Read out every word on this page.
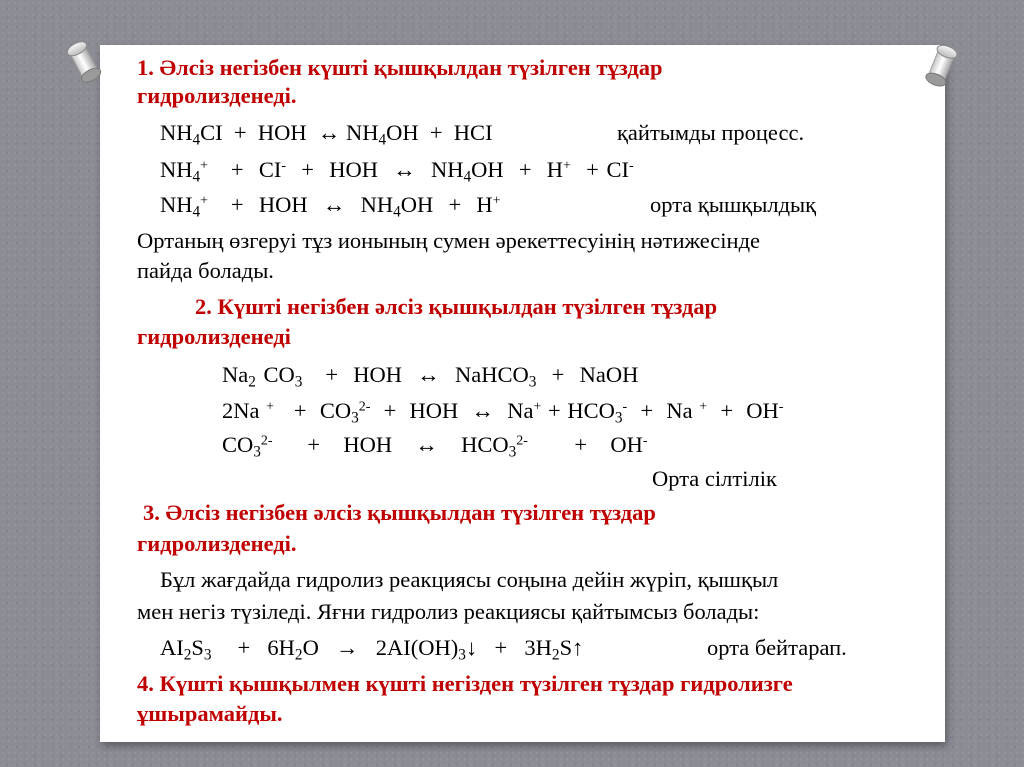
1. Әлсіз негізбен күшті қышқылдан түзілген тұздар
гидролизденеді.
$NH_4CI$  +  HOH  ↔ $NH_4OH$  +  HCI	қайтымды процесс.
$NH_4^+ + CI^-$ +  HOH  ↔  $NH_4OH + H^+ + CI^-$
$NH_4^+$ +  HOH  ↔  $NH_4OH + H^+$	орта қышқылдық
Ортаның өзгеруі тұз ионының сумен әрекеттесуінің нәтижесінде
пайда болады.
2. Күшті негізбен әлсіз қышқылдан түзілген тұздар
гидролизденеді
$Na_2$ $CO_3$ +  HOH  ↔  NaHCO$_3$ +  NaOH
2Na $^+ + CO_3^{2-}$ +  HOH  ↔  $Na^+ + HCO_3^- + Na$ + +  OH-
$CO_3^{2-}$ +  HOH  ↔  $HCO_3^{2-} + OH^-$
Орта сілтілік
3. Әлсіз негізбен әлсіз қышқылдан түзілген тұздар
гидролизденеді.
Бұл жағдайда гидролиз реакциясы соңына дейін жүріп, қышқыл
мен негіз түзіледі. Яғни гидролиз реакциясы қайтымсыз болады:
$AI_2S_3 + 6H_2O$  →  $2AI(OH)_3↓$  +  $3H_2S↑$	орта бейтарап.
4. Күшті қышқылмен күшті негізден түзілген тұздар гидролизге
ұшырамайды.
